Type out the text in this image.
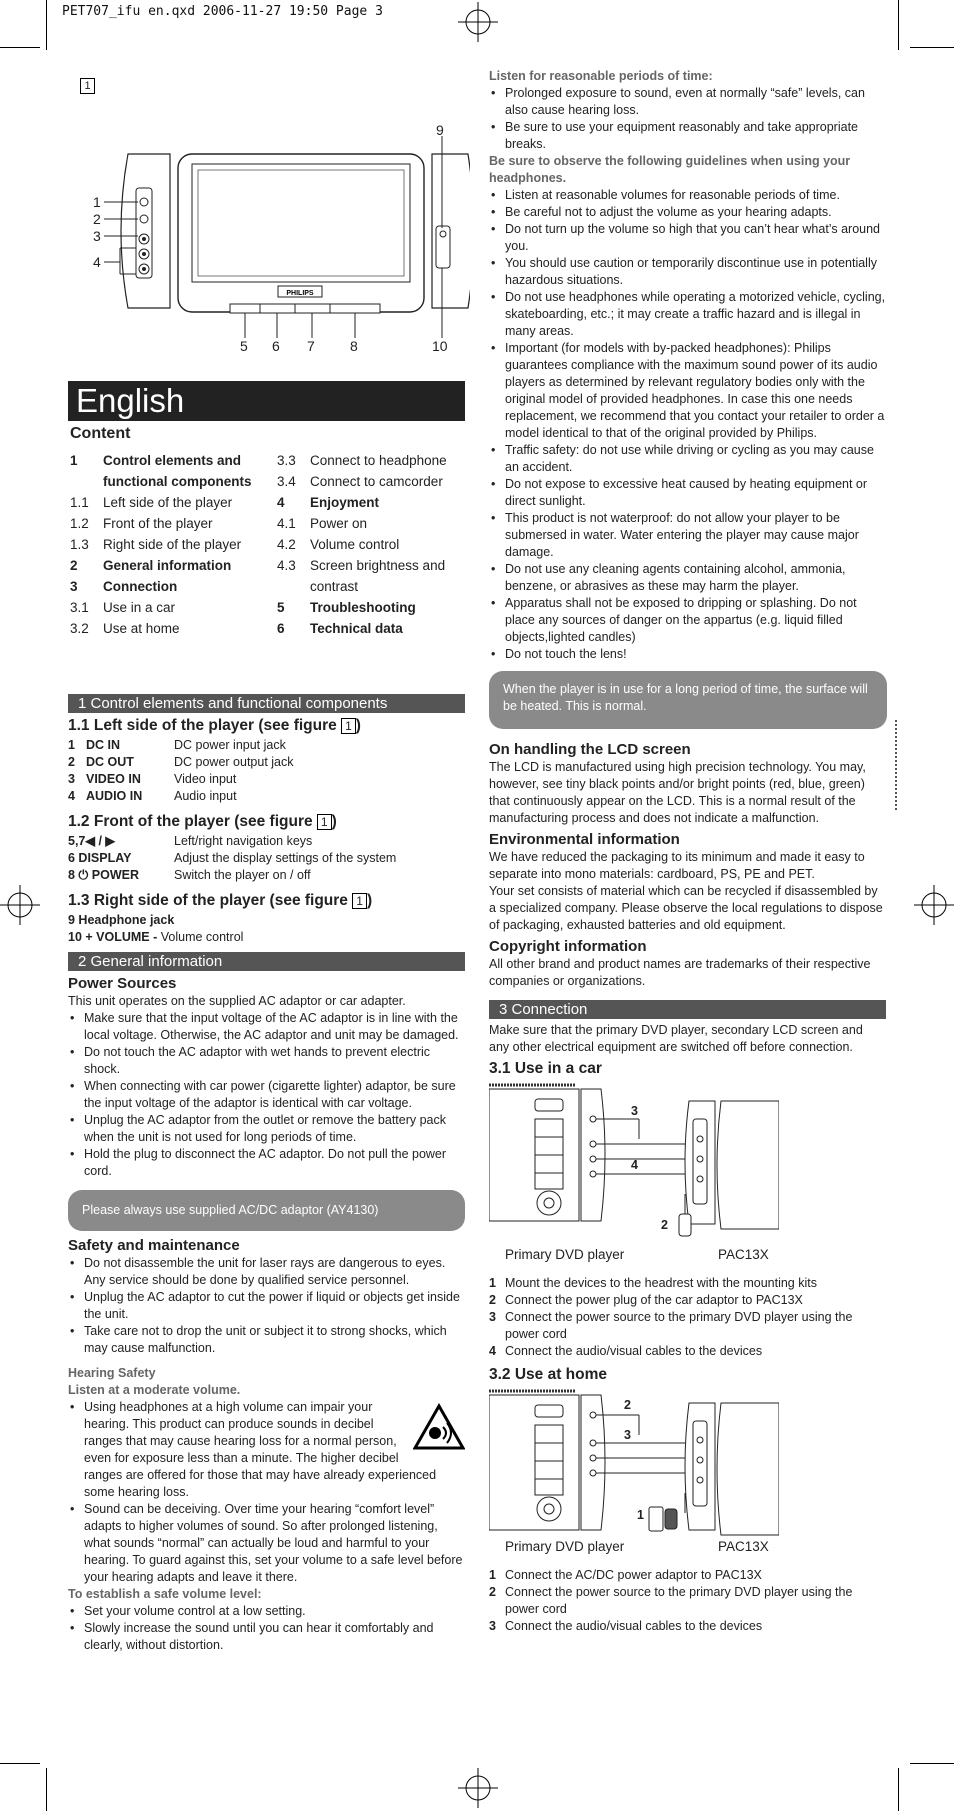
PET707_ifu en.qxd 2006-11-27 19:50 Page 3
1
PHILIPS
1
2
3
4
5 6 7	8
9
10
English
Content
1	Control elements and functional components
1.1	Left side of the player
1.2	Front of the player
1.3	Right side of the player
2	General information
3	Connection
3.1	Use in a car
3.2	Use at home
3.3	Connect to headphone
3.4	Connect to camcorder
4	Enjoyment
4.1	Power on
4.2	Volume control
4.3	Screen brightness and contrast
5	Troubleshooting
6	Technical data
1 Control elements and functional components
1.1 Left side of the player (see figure 1 )
1 DC IN	DC power input jack
2 DC OUT	DC power output jack
3 VIDEO IN	Video input
4 AUDIO IN	Audio input
1.2 Front of the player (see figure 1 )
5,7◀ / ▶	Left/right navigation keys
6 DISPLAY	Adjust the display settings of the system
8 ⏻ POWER	Switch the player on / off
1.3 Right side of the player (see figure 1 )

9 Headphone jack

10 + VOLUME - Volume control

2 General information
Power Sources

This unit operates on the supplied AC adaptor or car adapter.

• Make sure that the input voltage of the AC adaptor is in line with the local voltage. Otherwise, the AC adaptor and unit may be damaged.
• Do not touch the AC adaptor with wet hands to prevent electric shock.
• When connecting with car power (cigarette lighter) adaptor, be sure the input voltage of the adaptor is identical with car voltage.
• Unplug the AC adaptor from the outlet or remove the battery pack when the unit is not used for long periods of time.
• Hold the plug to disconnect the AC adaptor. Do not pull the power cord.
Please always use supplied AC/DC adaptor (AY4130)
Safety and maintenance
• Do not disassemble the unit for laser rays are dangerous to eyes.
Any service should be done by qualified service personnel.
• Unplug the AC adaptor to cut the power if liquid or objects get inside the unit.
• Take care not to drop the unit or subject it to strong shocks, which may cause malfunction.
Hearing Safety
Listen at a moderate volume.
• Using headphones at a high volume can impair your hearing. This product can produce sounds in decibel ranges that may cause hearing loss for a normal person, even for exposure less than a minute. The higher decibel ranges are offered for those that may have already experienced some hearing loss.
• Sound can be deceiving. Over time your hearing “comfort level” adapts to higher volumes of sound. So after prolonged listening, what sounds “normal” can actually be loud and harmful to your hearing. To guard against this, set your volume to a safe level before your hearing adapts and leave it there.
To establish a safe volume level:
• Set your volume control at a low setting.
• Slowly increase the sound until you can hear it comfortably and clearly, without distortion.
Listen for reasonable periods of time:
• Prolonged exposure to sound, even at normally “safe” levels, can also cause hearing loss.
• Be sure to use your equipment reasonably and take appropriate breaks.
Be sure to observe the following guidelines when using your headphones.
• Listen at reasonable volumes for reasonable periods of time.
• Be careful not to adjust the volume as your hearing adapts.
• Do not turn up the volume so high that you can’t hear what’s around you.
• You should use caution or temporarily discontinue use in potentially hazardous situations.
• Do not use headphones while operating a motorized vehicle, cycling, skateboarding, etc.; it may create a traffic hazard and is illegal in many areas.
• Important (for models with by-packed headphones): Philips guarantees compliance with the maximum sound power of its audio players as determined by relevant regulatory bodies only with the original model of provided headphones. In case this one needs replacement, we recommend that you contact your retailer to order a model identical to that of the original provided by Philips.
• Traffic safety: do not use while driving or cycling as you may cause an accident.
• Do not expose to excessive heat caused by heating equipment or direct sunlight.
• This product is not waterproof: do not allow your player to be submersed in water. Water entering the player may cause major damage.
• Do not use any cleaning agents containing alcohol, ammonia, benzene, or abrasives as these may harm the player.
• Apparatus shall not be exposed to dripping or splashing. Do not place any sources of danger on the appartus (e.g. liquid filled objects,lighted candles)
• Do not touch the lens!
When the player is in use for a long period of time, the surface will be heated. This is normal.
On handling the LCD screen

The LCD is manufactured using high precision technology. You may, however, see tiny black points and/or bright points (red, blue, green) that continuously appear on the LCD. This is a normal result of the manufacturing process and does not indicate a malfunction.

Environmental information

We have reduced the packaging to its minimum and made it easy to separate into mono materials: cardboard, PS, PE and PET.

Your set consists of material which can be recycled if disassembled by a specialized company. Please observe the local regulations to dispose of packaging, exhausted batteries and old equipment.

Copyright information

All other brand and product names are trademarks of their respective companies or organizations.

3 Connection

Make sure that the primary DVD player, secondary LCD screen and any other electrical equipment are switched off before connection.

3.1 Use in a car
3
4
2
Primary DVD player	PAC13X
1 Mount the devices to the headrest with the mounting kits
2 Connect the power plug of the car adaptor to PAC13X
3 Connect the power source to the primary DVD player using the power cord
4 Connect the audio/visual cables to the devices
3.2 Use at home
2
3
1
Primary DVD player	PAC13X
1 Connect the AC/DC power adaptor to PAC13X
2 Connect the power source to the primary DVD player using the power cord
3 Connect the audio/visual cables to the devices
